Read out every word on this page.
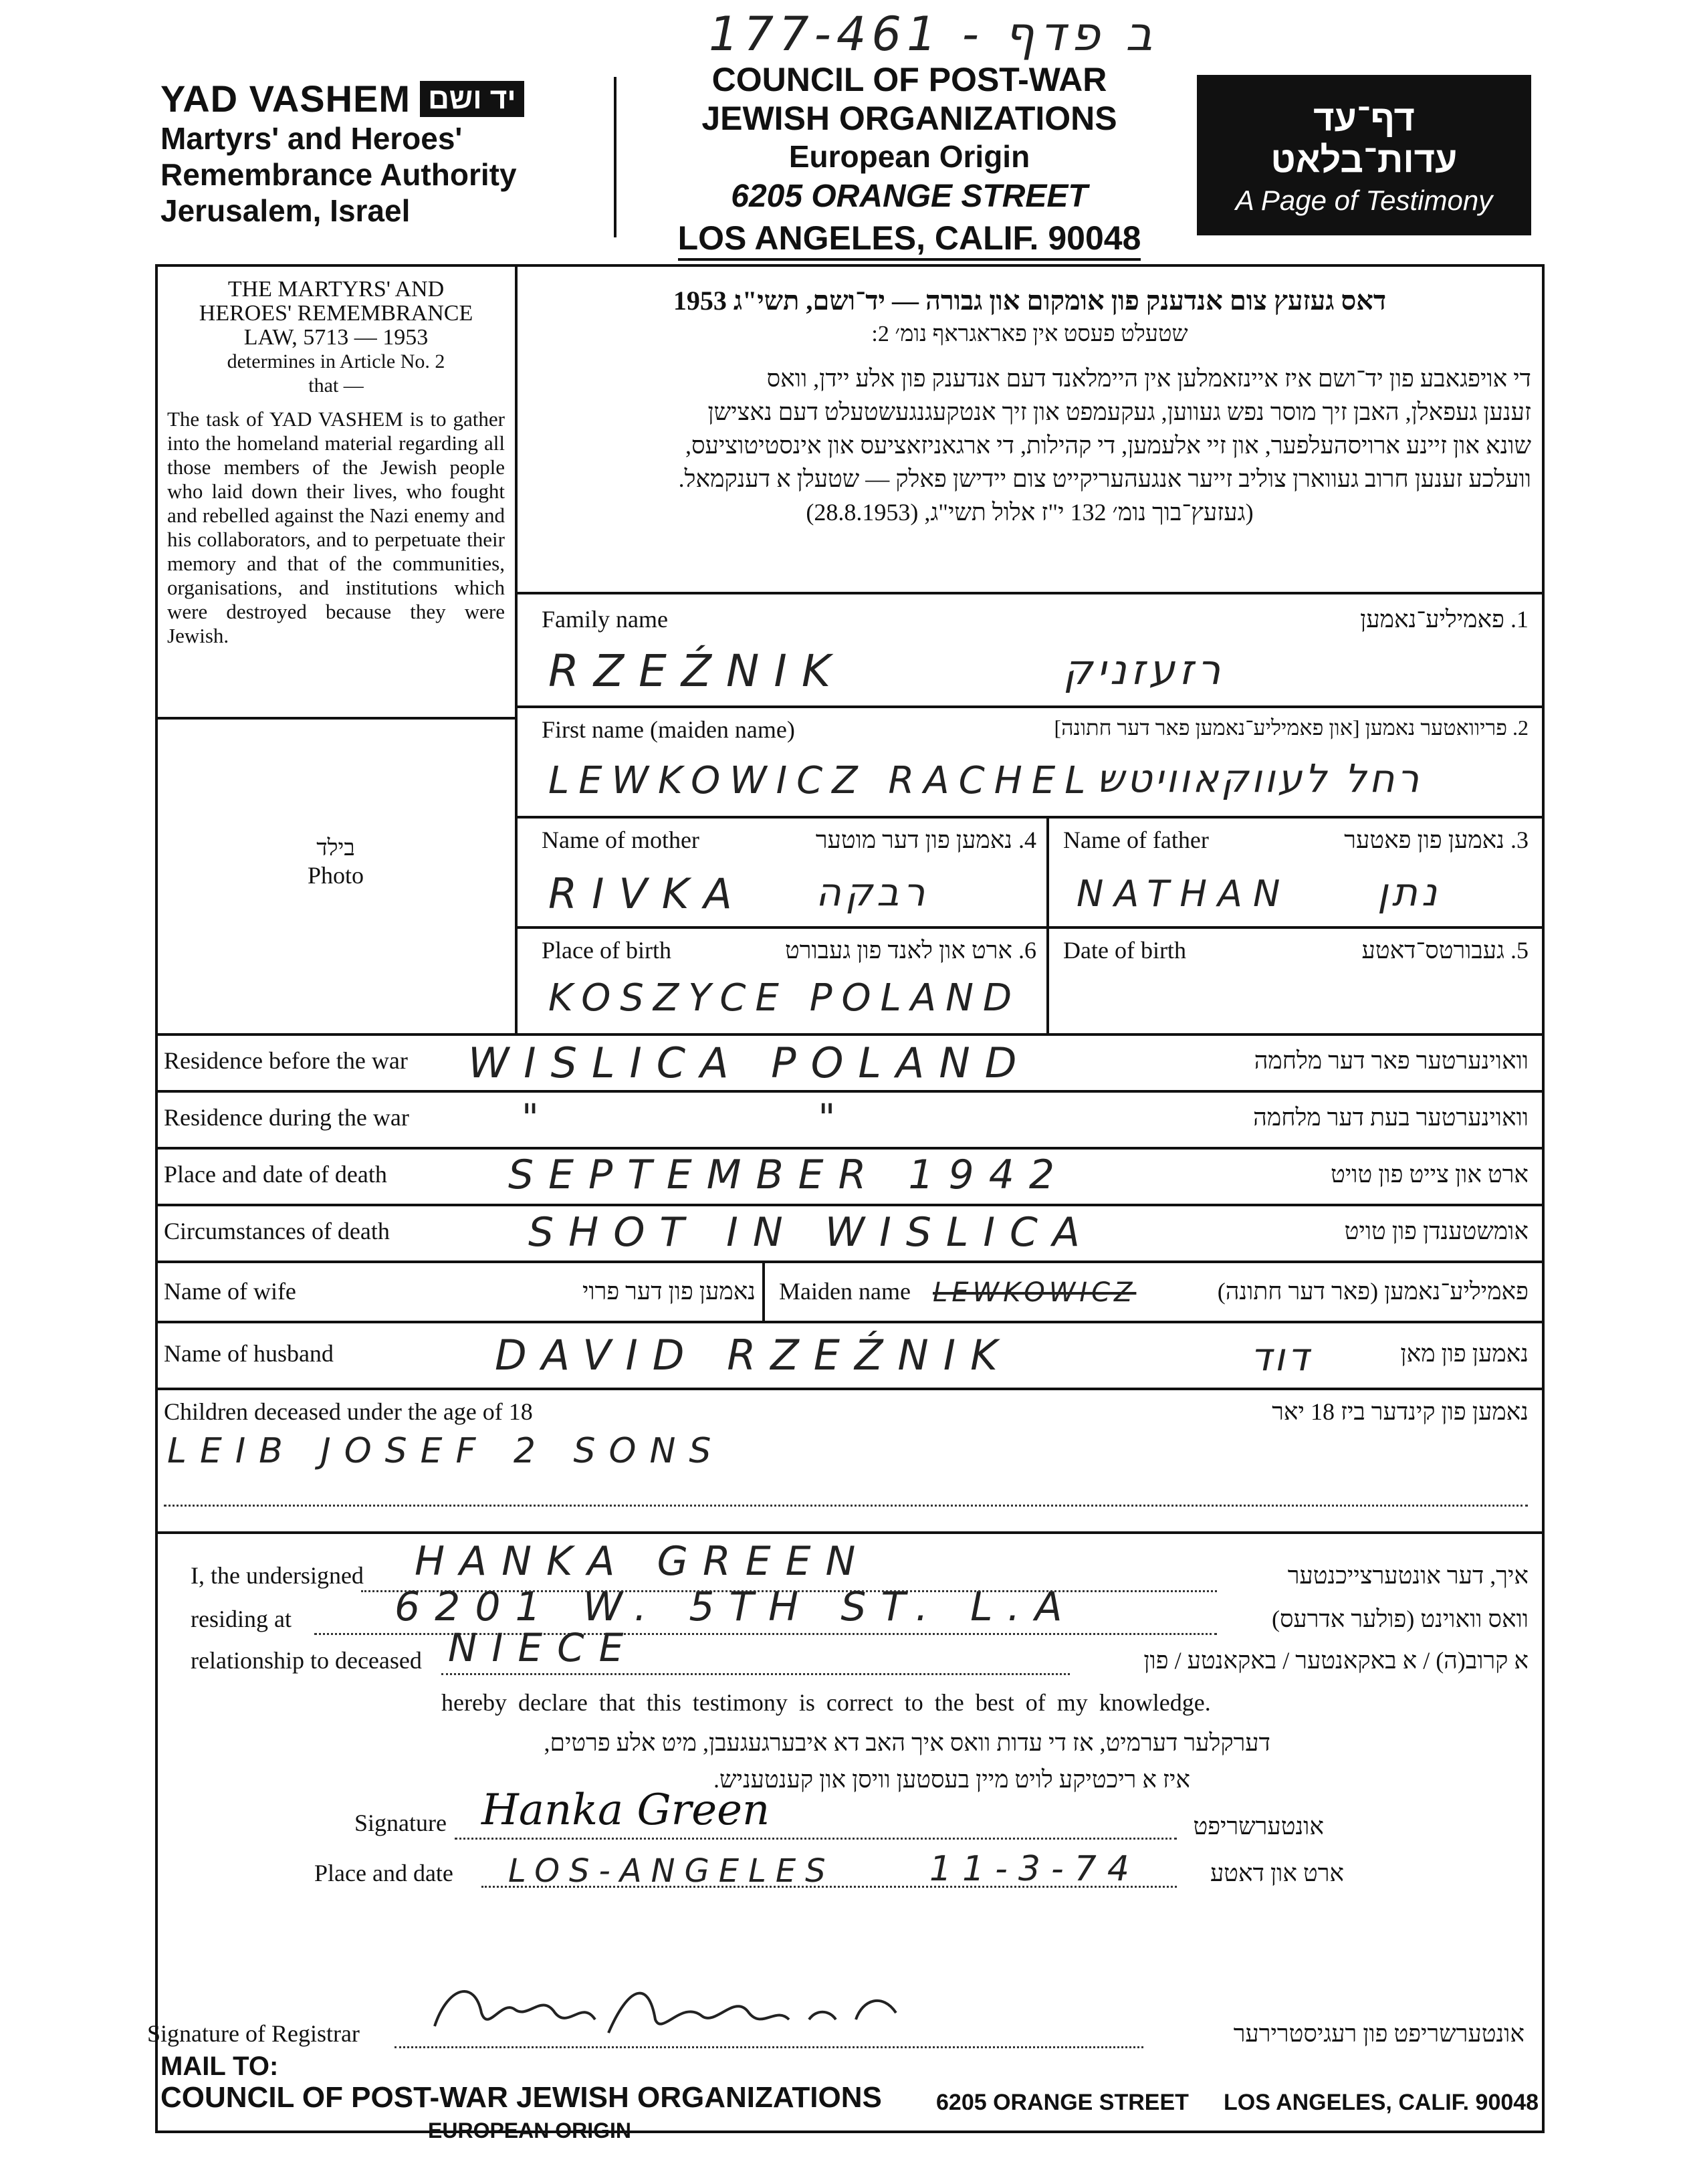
177-461 - ב פדף
YAD VASHEM יד ושם
Martyrs' and Heroes'
Remembrance Authority
Jerusalem, Israel
COUNCIL OF POST-WAR
JEWISH ORGANIZATIONS
European Origin
6205 ORANGE STREET
LOS ANGELES, CALIF. 90048
דף־עד
עדות־בלאט
A Page of Testimony
THE MARTYRS' AND
HEROES' REMEMBRANCE
LAW, 5713 — 1953
determines in Article No. 2
that —
The task of YAD VASHEM is to gather into the homeland material regarding all those members of the Jewish people who laid down their lives, who fought and rebelled against the Nazi enemy and his collaborators, and to perpetuate their memory and that of the communities, organisations, and institutions which were destroyed because they were Jewish.
בילד
Photo
דאס געזעץ צום אנדענק פון אומקום און גבורה — יד־ושם, תשי"ג 1953
שטעלט פעסט אין פאראגראף נומ׳ 2:
די אויפגאבע פון יד־ושם איז איינזאמלען אין היימלאנד דעם אנדענק פון אלע יידן, וואס
זענען געפאלן, האבן זיך מוסר נפש געווען, געקעמפט און זיך אנטקעגנגעשטעלט דעם נאצישן
שונא און זיינע ארויסהעלפער, און זיי אלעמען, די קהילות, די ארגאניזאציעס און אינסטיטוציעס,
וועלכע זענען חרוב געווארן צוליב זייער אנגעהעריקייט צום יידישן פאלק — שטעלן א דענקמאל.
(געזעץ־בוך נומ׳ 132 י"ז אלול תשי"ג, (28.8.1953)
Family name	1. פאמיליע־נאמען
RZEŹNIK	רזעזניק
First name (maiden name)	2. פריוואטער נאמען [און פאמיליע־נאמען פאר דער חתונה]
LEWKOWICZ RACHEL רחל לעווקאוויטש
Name of mother	4. נאמען פון דער מוטער
RIVKA רבקה
Name of father	3. נאמען פון פאטער
NATHAN נתן
Place of birth	6. ארט און לאנד פון געבורט
KOSZYCE POLAND
Date of birth	5. געבורטס־דאטע
Residence before the war	וואוינערטער פאר דער מלחמה
WISLICA POLAND
Residence during the war	וואוינערטער בעת דער מלחמה
" "
Place and date of death	ארט און צייט פון טויט
SEPTEMBER 1942
Circumstances of death	אומשטענדן פון טויט
SHOT IN WISLICA
Name of wife	נאמען פון דער פרוי Maiden name LEWKOWICZ	פאמיליע־נאמען (פאר דער חתונה)
Name of husband	נאמען פון מאן
DAVID RZEŹNIK	דוד
Children deceased under the age of 18	נאמען פון קינדער ביז 18 יאר
LEIB JOSEF 2 SONS
I, the undersigned HANKA GREEN	איך, דער אונטערצייכנטער
residing at	6201 W. 5TH ST. L.A	וואס וואוינט (פולער אדרעס)
relationship to deceased NIECE	א קרוב(ה) / א באקאנטער / באקאנטע / פון
hereby declare that this testimony is correct to the best of my knowledge.
דערקלער דערמיט, אז די עדות וואס איך האב דא איבערגעגעבן, מיט אלע פרטים,
איז א ריכטיקע לויט מיין בעסטען וויסן און קענטעניש.
Signature Hanka Green	אונטערשריפט
Place and date LOS-ANGELES	11-3-74	ארט און דאטע
Signature of Registrar	אונטערשריפט פון רעגיסטרירער
MAIL TO:
COUNCIL OF POST-WAR JEWISH ORGANIZATIONS
EUROPEAN ORIGIN
6205 ORANGE STREET LOS ANGELES, CALIF. 90048
